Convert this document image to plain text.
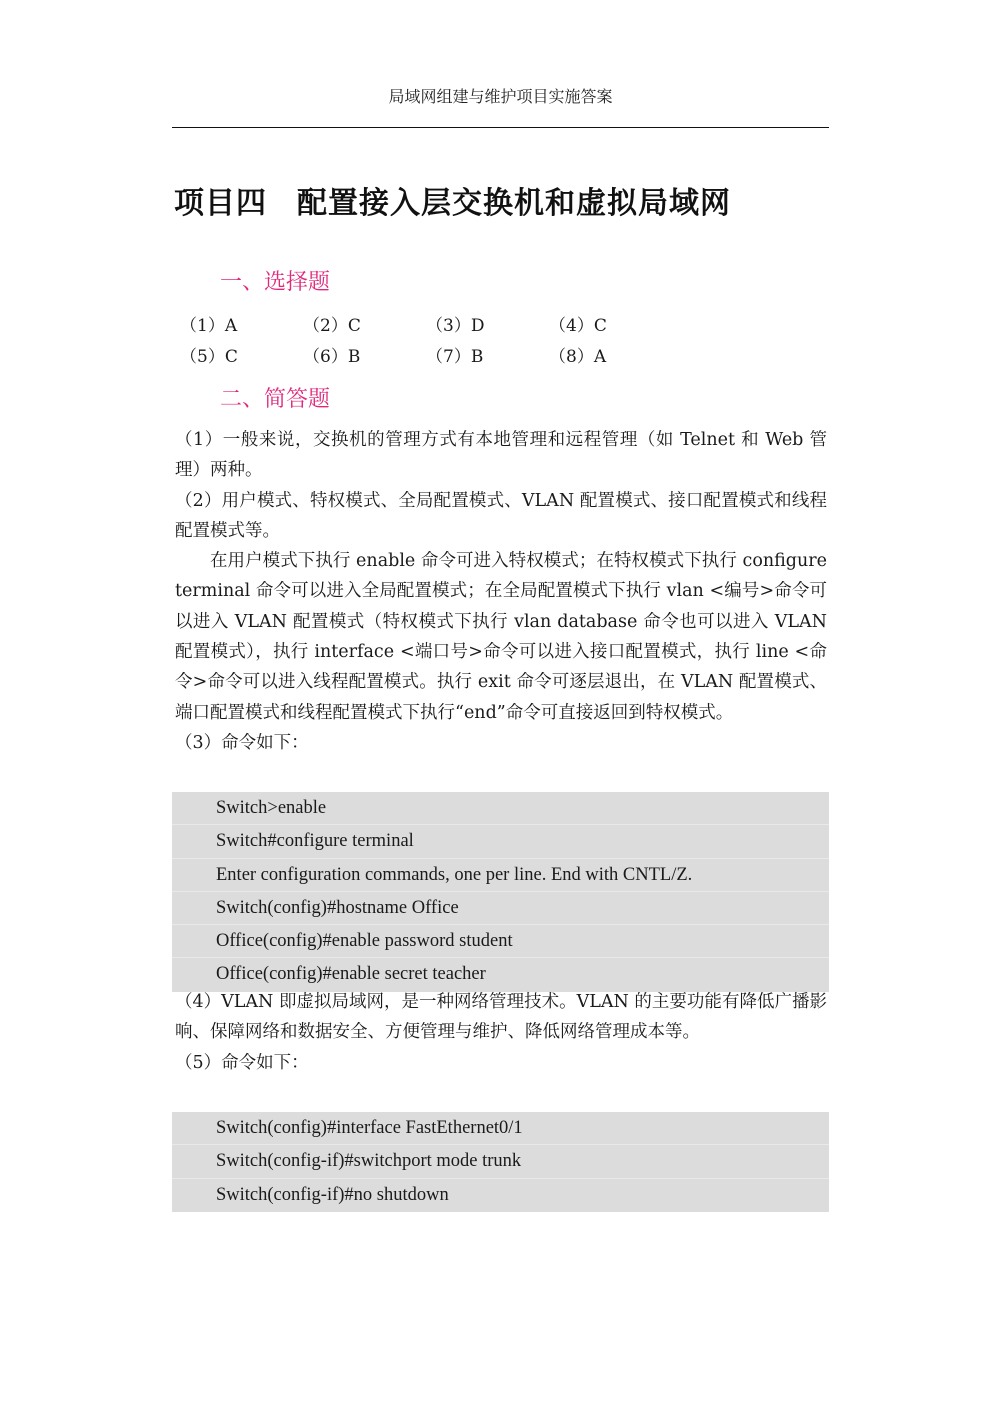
局域网组建与维护项目实施答案
项目四 配置接入层交换机和虚拟局域网
一、选择题
（1）A	（2）C	（3）D	（4）C
（5）C	（6）B	（7）B	（8）A
二、简答题

（1）一般来说，交换机的管理方式有本地管理和远程管理（如 Telnet 和 Web 管理）两种。

（2）用户模式、特权模式、全局配置模式、VLAN 配置模式、接口配置模式和线程配置模式等。

在用户模式下执行 enable 命令可进入特权模式；在特权模式下执行 configure terminal 命令可以进入全局配置模式；在全局配置模式下执行 vlan <编号>命令可以进入 VLAN 配置模式（特权模式下执行 vlan database 命令也可以进入 VLAN 配置模式），执行 interface <端口号>命令可以进入接口配置模式，执行 line <命令>命令可以进入线程配置模式。执行 exit 命令可逐层退出，在 VLAN 配置模式、端口配置模式和线程配置模式下执行“end”命令可直接返回到特权模式。

（3）命令如下：

Switch>enable
Switch#configure terminal
Enter configuration commands, one per line. End with CNTL/Z.
Switch(config)#hostname Office
Office(config)#enable password student
Office(config)#enable secret teacher

（4）VLAN 即虚拟局域网，是一种网络管理技术。VLAN 的主要功能有降低广播影响、保障网络和数据安全、方便管理与维护、降低网络管理成本等。

（5）命令如下：

Switch(config)#interface FastEthernet0/1
Switch(config-if)#switchport mode trunk
Switch(config-if)#no shutdown
